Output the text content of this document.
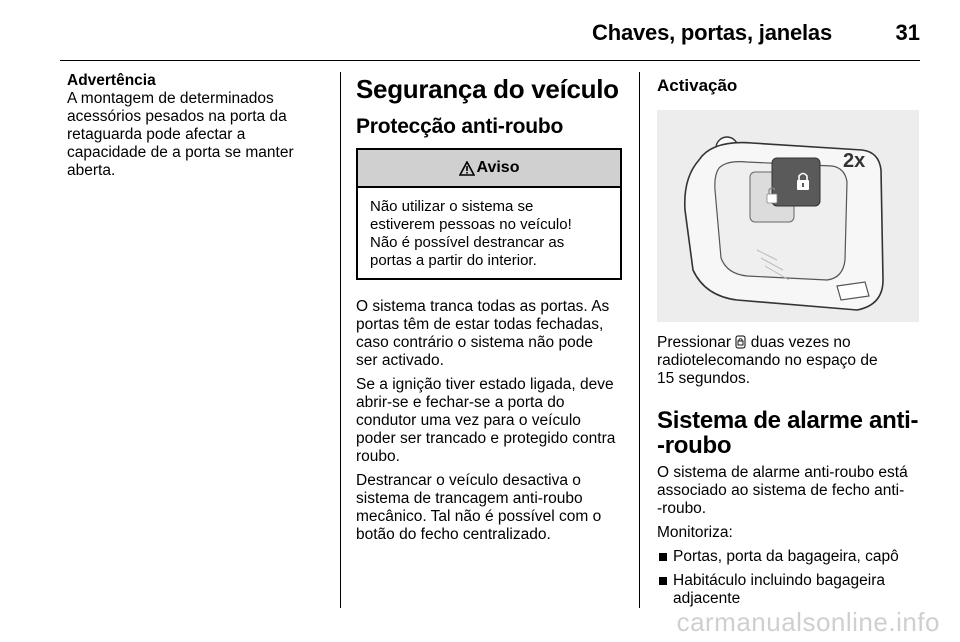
Chaves, portas, janelas	31

Advertência

A montagem de determinados
acessórios pesados na porta da
retaguarda pode afectar a
capacidade de a porta se manter
aberta.

Segurança do veículo
Protecção anti-roubo
Aviso
Não utilizar o sistema se
estiverem pessoas no veículo!
Não é possível destrancar as
portas a partir do interior.

O sistema tranca todas as portas. As
portas têm de estar todas fechadas,
caso contrário o sistema não pode
ser activado.

Se a ignição tiver estado ligada, deve
abrir-se e fechar-se a porta do
condutor uma vez para o veículo
poder ser trancado e protegido contra
roubo.

Destrancar o veículo desactiva o
sistema de trancagem anti-roubo
mecânico. Tal não é possível com o
botão do fecho centralizado.

Activação
2x

Pressionar duas vezes no
radiotelecomando no espaço de
15 segundos.

Sistema de alarme anti-
-roubo

O sistema de alarme anti-roubo está
associado ao sistema de fecho anti-
-roubo.

Monitoriza:

Portas, porta da bagageira, capô
Habitáculo incluindo bagageira
adjacente
carmanualsonline.info
